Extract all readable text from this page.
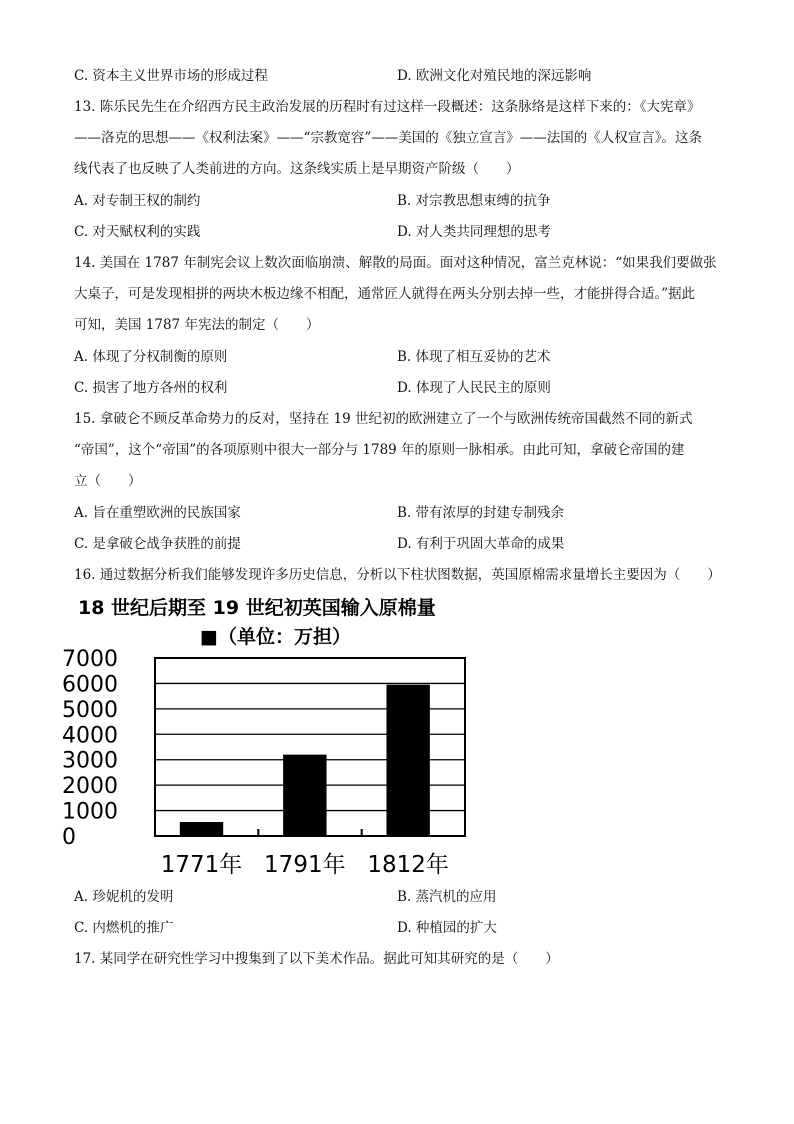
C. 资本主义世界市场的形成过程	D. 欧洲文化对殖民地的深远影响
13. 陈乐民先生在介绍西方民主政治发展的历程时有过这样一段概述：这条脉络是这样下来的：《大宪章》
——洛克的思想——《权利法案》——“宗教宽容”——美国的《独立宣言》——法国的《人权宣言》。这条
线代表了也反映了人类前进的方向。这条线实质上是早期资产阶级（　　）
A. 对专制王权的制约	B. 对宗教思想束缚的抗争
C. 对天赋权利的实践	D. 对人类共同理想的思考
14. 美国在 1787 年制宪会议上数次面临崩溃、解散的局面。面对这种情况，富兰克林说：“如果我们要做张
大桌子，可是发现相拼的两块木板边缘不相配，通常匠人就得在两头分别去掉一些，才能拼得合适。”据此
可知，美国 1787 年宪法的制定（　　）
A. 体现了分权制衡的原则	B. 体现了相互妥协的艺术
C. 损害了地方各州的权利	D. 体现了人民民主的原则
15. 拿破仑不顾反革命势力的反对，坚持在 19 世纪初的欧洲建立了一个与欧洲传统帝国截然不同的新式
“帝国”，这个“帝国”的各项原则中很大一部分与 1789 年的原则一脉相承。由此可知，拿破仑帝国的建
立（　　）
A. 旨在重塑欧洲的民族国家	B. 带有浓厚的封建专制残余
C. 是拿破仑战争获胜的前提	D. 有利于巩固大革命的成果
16. 通过数据分析我们能够发现许多历史信息，分析以下柱状图数据，英国原棉需求量增长主要因为（　　）
18 世纪后期至 19 世纪初英国输入原棉量
■（单位：万担）
0
1000
2000
3000
4000
5000
6000
7000
1771年 1791年 1812年
A. 珍妮机的发明	B. 蒸汽机的应用
C. 内燃机的推广	D. 种植园的扩大
17. 某同学在研究性学习中搜集到了以下美术作品。据此可知其研究的是（　　）
